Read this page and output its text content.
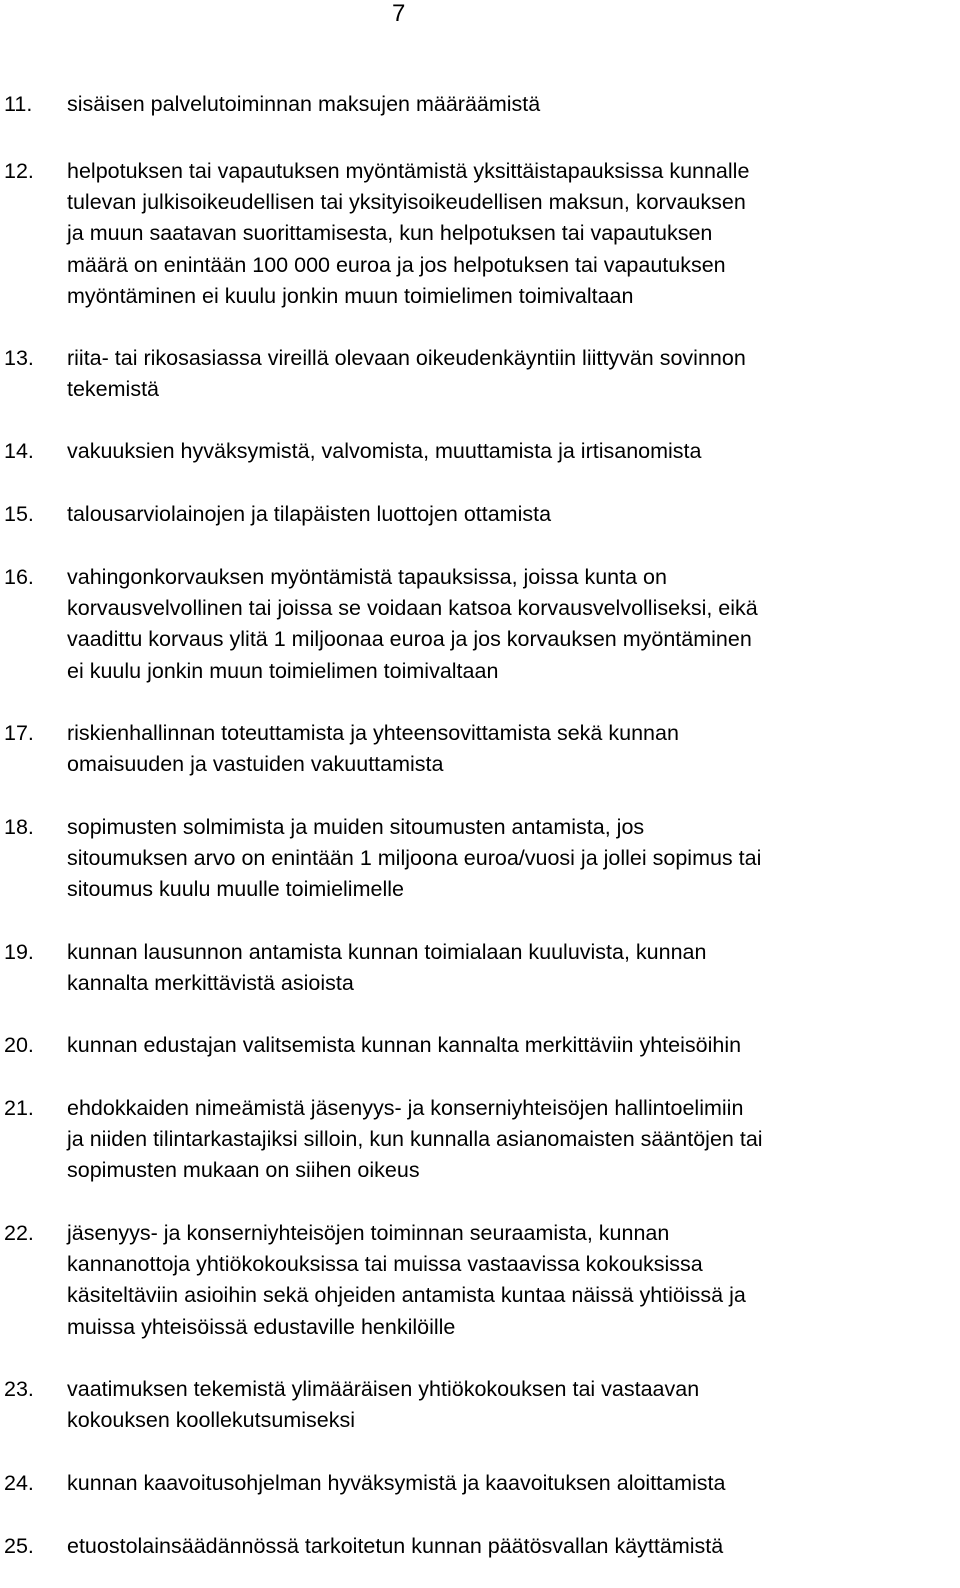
7
11. sisäisen palvelutoiminnan maksujen määräämistä
12. helpotuksen tai vapautuksen myöntämistä yksittäistapauksissa kunnalle
tulevan julkisoikeudellisen tai yksityisoikeudellisen maksun, korvauksen
ja muun saatavan suorittamisesta, kun helpotuksen tai vapautuksen
määrä on enintään 100 000 euroa ja jos helpotuksen tai vapautuksen
myöntäminen ei kuulu jonkin muun toimielimen toimivaltaan
13. riita- tai rikosasiassa vireillä olevaan oikeudenkäyntiin liittyvän sovinnon
tekemistä
14. vakuuksien hyväksymistä, valvomista, muuttamista ja irtisanomista
15. talousarviolainojen ja tilapäisten luottojen ottamista
16. vahingonkorvauksen myöntämistä tapauksissa, joissa kunta on
korvausvelvollinen tai joissa se voidaan katsoa korvausvelvolliseksi, eikä
vaadittu korvaus ylitä 1 miljoonaa euroa ja jos korvauksen myöntäminen
ei kuulu jonkin muun toimielimen toimivaltaan
17. riskienhallinnan toteuttamista ja yhteensovittamista sekä kunnan
omaisuuden ja vastuiden vakuuttamista
18. sopimusten solmimista ja muiden sitoumusten antamista, jos
sitoumuksen arvo on enintään 1 miljoona euroa/vuosi ja jollei sopimus tai
sitoumus kuulu muulle toimielimelle
19. kunnan lausunnon antamista kunnan toimialaan kuuluvista, kunnan
kannalta merkittävistä asioista
20. kunnan edustajan valitsemista kunnan kannalta merkittäviin yhteisöihin
21. ehdokkaiden nimeämistä jäsenyys- ja konserniyhteisöjen hallintoelimiin
ja niiden tilintarkastajiksi silloin, kun kunnalla asianomaisten sääntöjen tai
sopimusten mukaan on siihen oikeus
22. jäsenyys- ja konserniyhteisöjen toiminnan seuraamista, kunnan
kannanottoja yhtiökokouksissa tai muissa vastaavissa kokouksissa
käsiteltäviin asioihin sekä ohjeiden antamista kuntaa näissä yhtiöissä ja
muissa yhteisöissä edustaville henkilöille
23. vaatimuksen tekemistä ylimääräisen yhtiökokouksen tai vastaavan
kokouksen koollekutsumiseksi
24. kunnan kaavoitusohjelman hyväksymistä ja kaavoituksen aloittamista
25. etuostolainsäädännössä tarkoitetun kunnan päätösvallan käyttämistä
